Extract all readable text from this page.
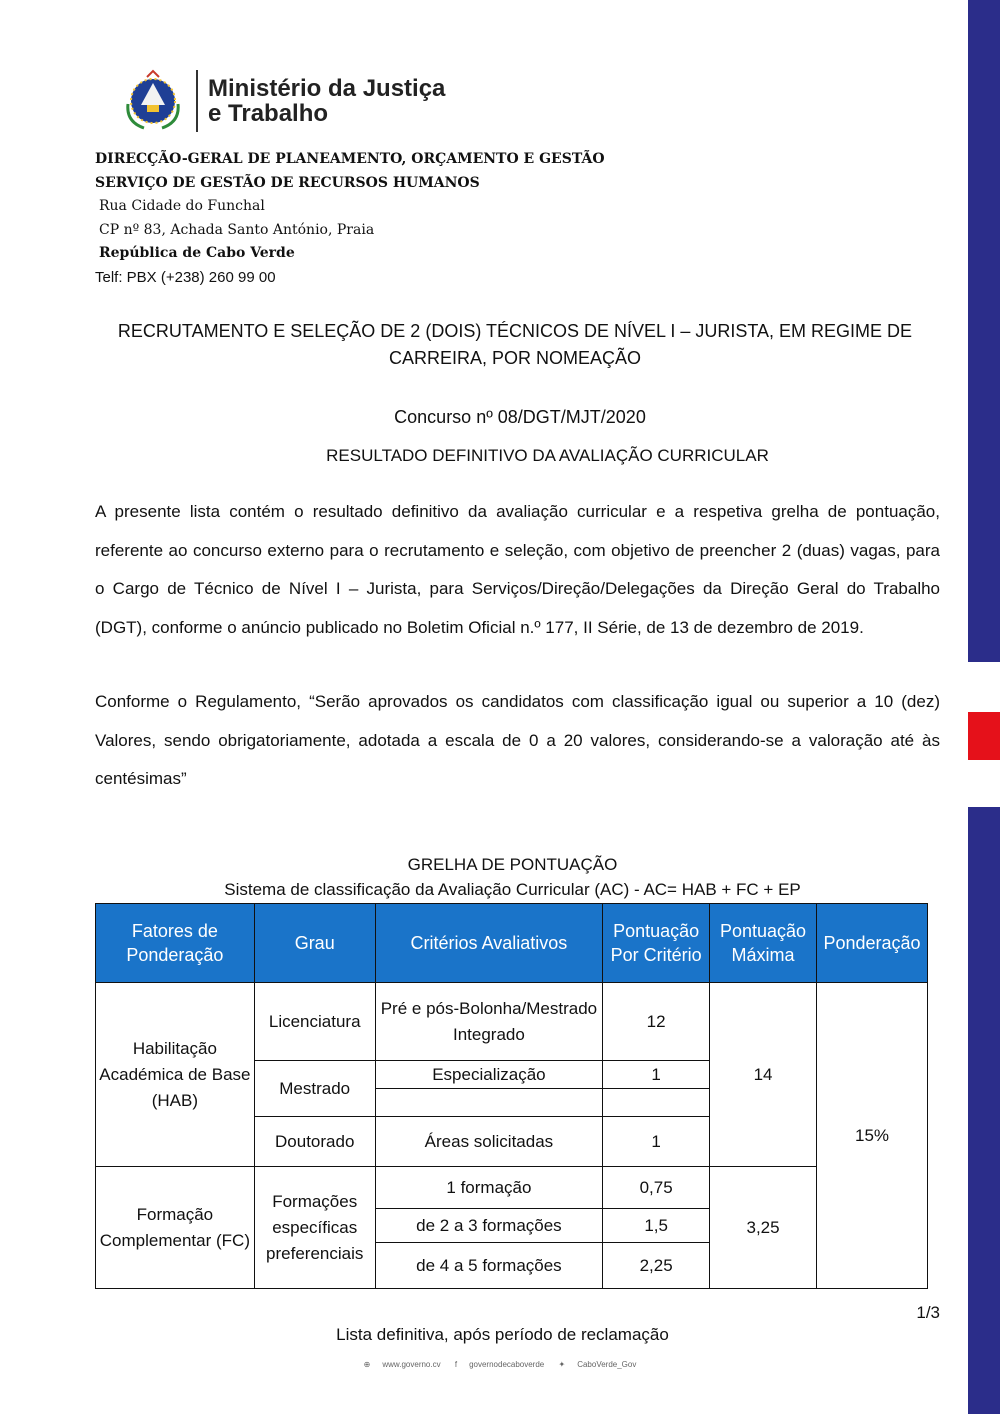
Ministério da Justiça
e Trabalho
DIRECÇÃO-GERAL DE PLANEAMENTO, ORÇAMENTO E GESTÃO
SERVIÇO DE GESTÃO DE RECURSOS HUMANOS
Rua Cidade do Funchal
CP nº 83, Achada Santo António, Praia
República de Cabo Verde
Telf: PBX (+238) 260 99 00
RECRUTAMENTO E SELEÇÃO DE 2 (DOIS) TÉCNICOS DE NÍVEL I – JURISTA, EM REGIME DE CARREIRA, POR NOMEAÇÃO
Concurso nº 08/DGT/MJT/2020
RESULTADO DEFINITIVO DA AVALIAÇÃO CURRICULAR
A presente lista contém o resultado definitivo da avaliação curricular e a respetiva grelha de pontuação, referente ao concurso externo para o recrutamento e seleção, com objetivo de preencher 2 (duas) vagas, para o Cargo de Técnico de Nível I – Jurista, para Serviços/Direção/Delegações da Direção Geral do Trabalho (DGT), conforme o anúncio publicado no Boletim Oficial n.º 177, II Série, de 13 de dezembro de 2019.
Conforme o Regulamento, “Serão aprovados os candidatos com classificação igual ou superior a 10 (dez) Valores, sendo obrigatoriamente, adotada a escala de 0 a 20 valores, considerando-se a valoração até às centésimas”
GRELHA DE PONTUAÇÃO
Sistema de classificação da Avaliação Curricular (AC) - AC= HAB + FC + EP
Fatores de Ponderação	Grau	Critérios Avaliativos	Pontuação Por Critério	Pontuação Máxima	Ponderação
Habilitação Académica de Base (HAB)	Licenciatura	Pré e pós-Bolonha/Mestrado Integrado	12	14	15%
	Mestrado	Especialização	1		

	Doutorado	Áreas solicitadas	1		
Formação Complementar (FC)	Formações específicas preferenciais	1 formação	0,75	3,25	
		de 2 a 3 formações	1,5		
		de 4 a 5 formações	2,25		
1/3
Lista definitiva, após período de reclamação
⊕ www.governo.cv f governodecaboverde ✦ CaboVerde_Gov
